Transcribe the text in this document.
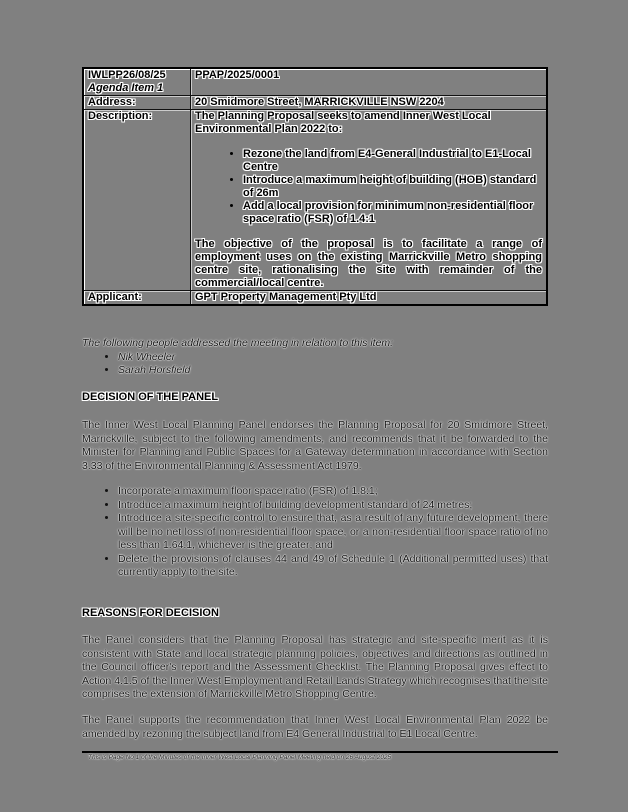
IWLPP26/08/25
Agenda Item 1	PPAP/2025/0001
Address:	20 Smidmore Street, MARRICKVILLE NSW 2204
Description:	The Planning Proposal seeks to amend Inner West Local Environmental Plan 2022 to:
• Rezone the land from E4-General Industrial to E1-Local Centre
• Introduce a maximum height of building (HOB) standard of 26m
• Add a local provision for minimum non-residential floor space ratio (FSR) of 1.4:1
The objective of the proposal is to facilitate a range of employment uses on the existing Marrickville Metro shopping centre site, rationalising the site with remainder of the commercial/local centre.

Applicant:	GPT Property Management Pty Ltd
The following people addressed the meeting in relation to this item:
• Nik Wheeler
• Sarah Horsfield
DECISION OF THE PANEL
The Inner West Local Planning Panel endorses the Planning Proposal for 20 Smidmore Street, Marrickville, subject to the following amendments, and recommends that it be forwarded to the Minister for Planning and Public Spaces for a Gateway determination in accordance with Section 3.33 of the Environmental Planning & Assessment Act 1979.
• Incorporate a maximum floor space ratio (FSR) of 1.8:1;
• Introduce a maximum height of building development standard of 24 metres;
• Introduce a site-specific control to ensure that, as a result of any future development, there will be no net loss of non-residential floor space, or a non-residential floor space ratio of no less than 1.64:1, whichever is the greater; and
• Delete the provisions of clauses 44 and 49 of Schedule 1 (Additional permitted uses) that currently apply to the site.
REASONS FOR DECISION
The Panel considers that the Planning Proposal has strategic and site-specific merit as it is consistent with State and local strategic planning policies, objectives and directions as outlined in the Council officer's report and the Assessment Checklist. The Planning Proposal gives effect to Action 4.1.5 of the Inner West Employment and Retail Lands Strategy which recognises that the site comprises the extension of Marrickville Metro Shopping Centre.
The Panel supports the recommendation that Inner West Local Environmental Plan 2022 be amended by rezoning the subject land from E4 General Industrial to E1 Local Centre.
This is Page No 1 of the Minutes of the Inner West Local Planning Panel Meeting held on 26 August 2025
